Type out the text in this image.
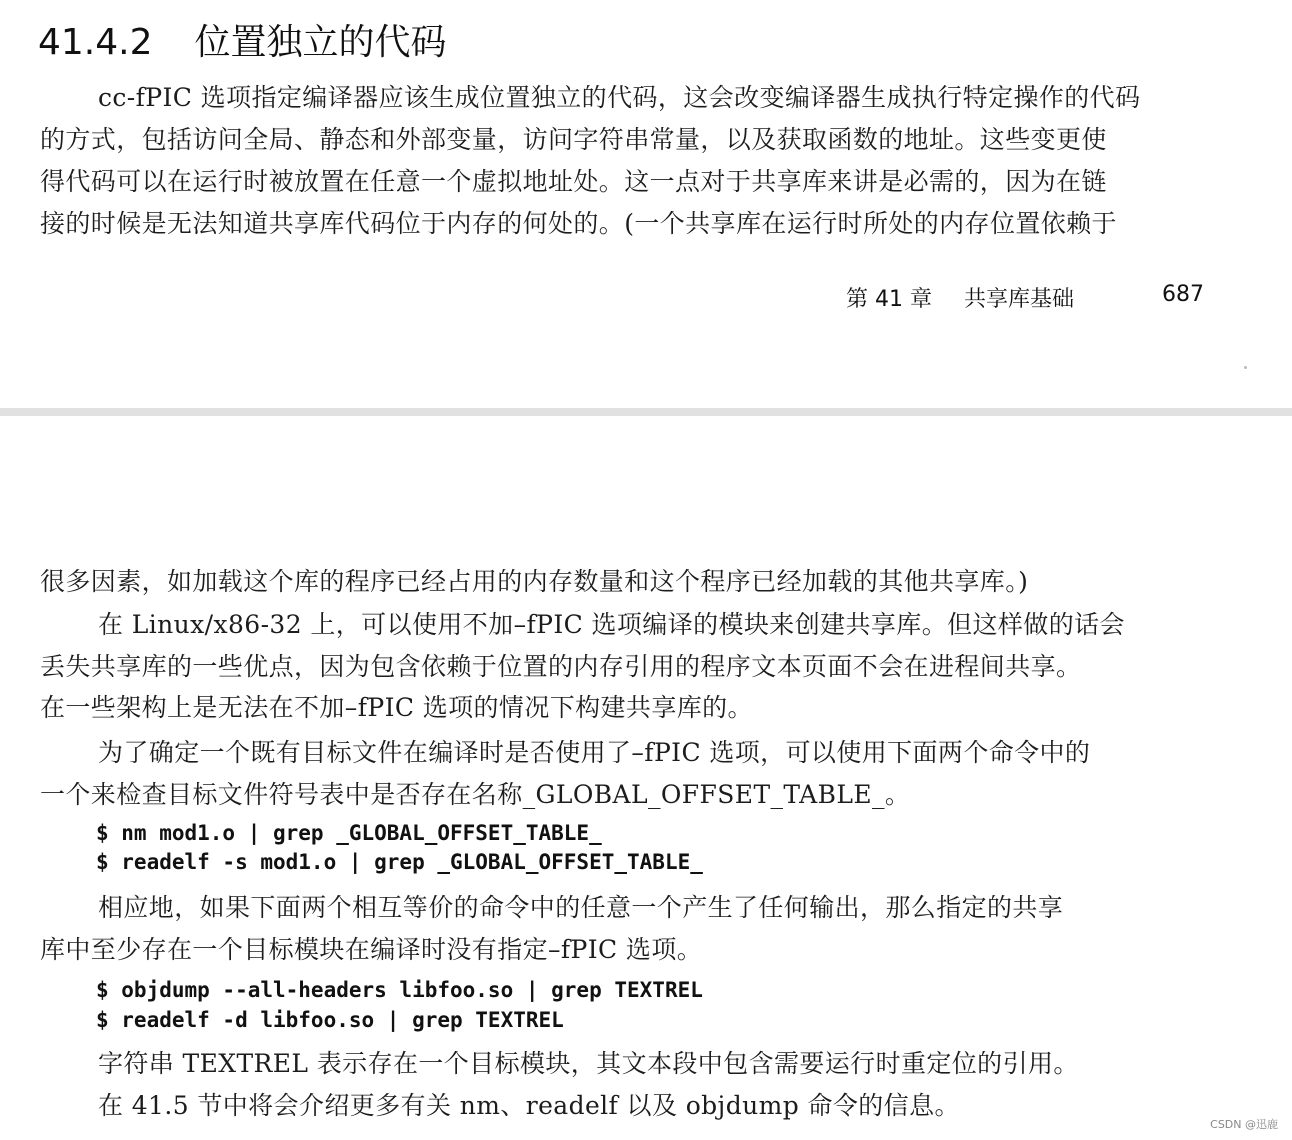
41.4.2 位置独立的代码
cc-fPIC 选项指定编译器应该生成位置独立的代码，这会改变编译器生成执行特定操作的代码
的方式，包括访问全局、静态和外部变量，访问字符串常量，以及获取函数的地址。这些变更使
得代码可以在运行时被放置在任意一个虚拟地址处。这一点对于共享库来讲是必需的，因为在链
接的时候是无法知道共享库代码位于内存的何处的。(一个共享库在运行时所处的内存位置依赖于
第 41 章 共享库基础	687
很多因素，如加载这个库的程序已经占用的内存数量和这个程序已经加载的其他共享库。)
在 Linux/x86-32 上，可以使用不加–fPIC 选项编译的模块来创建共享库。但这样做的话会
丢失共享库的一些优点，因为包含依赖于位置的内存引用的程序文本页面不会在进程间共享。
在一些架构上是无法在不加–fPIC 选项的情况下构建共享库的。
为了确定一个既有目标文件在编译时是否使用了–fPIC 选项，可以使用下面两个命令中的
一个来检查目标文件符号表中是否存在名称_GLOBAL_OFFSET_TABLE_。
$ nm mod1.o | grep _GLOBAL_OFFSET_TABLE_
$ readelf -s mod1.o | grep _GLOBAL_OFFSET_TABLE_
相应地，如果下面两个相互等价的命令中的任意一个产生了任何输出，那么指定的共享
库中至少存在一个目标模块在编译时没有指定–fPIC 选项。
$ objdump --all-headers libfoo.so | grep TEXTREL
$ readelf -d libfoo.so | grep TEXTREL
字符串 TEXTREL 表示存在一个目标模块，其文本段中包含需要运行时重定位的引用。
在 41.5 节中将会介绍更多有关 nm、readelf 以及 objdump 命令的信息。
CSDN @迅鹿
